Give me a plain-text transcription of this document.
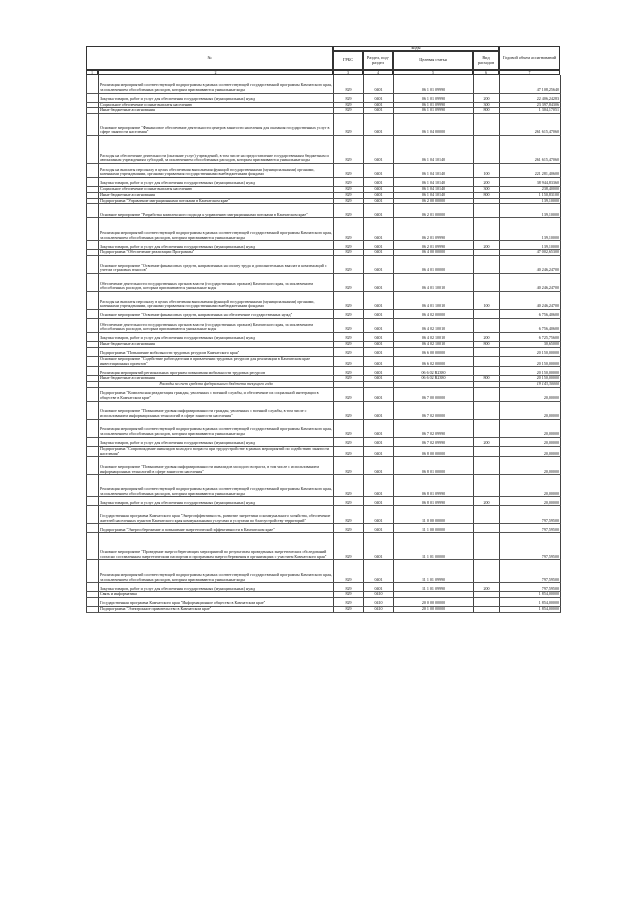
№
коды
ГРБС	Раздел, под-раздел	Целевая статья	Вид расходов
Годовой объем ассигнований
1	2	3	4	5	6	7
	Реализация мероприятий соответствующей подпрограммы в рамках соответствующей государственной программы Камчатского края, за исключением обособленных расходов, которым присваиваются уникальные коды	829	0401	06 1 01 09990		47 108,25640
	Закупка товаров, работ и услуг для обеспечения государственных (муниципальных) нужд	829	0401	06 1 01 09990	200	22 406,24283
	Социальное обеспечение и иные выплаты населению	829	0401	06 1 01 09990	300	23 397,84306
	Иные бюджетные ассигнования	829	0401	06 1 01 09990	800	1 304,17051
	Основное мероприятие "Финансовое обеспечение деятельности центров занятости населения для оказания государственных услуг в сфере занятости населения"	829	0401	06 1 04 00000		261 615,47060
	Расходы на обеспечение деятельности (оказание услуг) учреждений, в том числе на предоставление государственным бюджетным и автономным учреждениям субсидий, за исключением обособленных расходов, которым присваиваются уникальные коды	829	0401	06 1 04 10140		261 615,47060
	Расходы на выплаты персоналу в целях обеспечения выполнения функций государственными (муниципальными) органами, казенными учреждениями, органами управления государственными внебюджетными фондами	829	0401	06 1 04 10140	100	221 281,40600
	Закупка товаров, работ и услуг для обеспечения государственных (муниципальных) нужд	829	0401	06 1 04 10140	200	38 944,83360
	Социальное обеспечение и иные выплаты населению	829	0401	06 1 04 10140	300	238,40000
	Иные бюджетные ассигнования	829	0401	06 1 04 10140	800	1 150,83100
	Подпрограмма "Управление миграционными потоками в Камчатском крае"	829	0401	06 2 00 00000		139,10000
	Основное мероприятие "Разработка комплексного подхода к управлению миграционными потоками в Камчатском крае"	829	0401	06 2 01 00000		139,10000
	Реализация мероприятий соответствующей подпрограммы в рамках соответствующей государственной программы Камчатского края, за исключением обособленных расходов, которым присваиваются уникальные коды	829	0401	06 2 01 09990		139,10000
	Закупка товаров, работ и услуг для обеспечения государственных (муниципальных) нужд	829	0401	06 2 01 09990	200	139,10000
	Подпрограмма "Обеспечение реализации Программы"	829	0401	06 4 00 00000		47 002,65300
	Основное мероприятие "Освоение финансовых средств, направленных на оплату труда и дополнительных выплат и компенсаций с учетом страховых взносов"	829	0401	06 4 01 00000		40 246,24700
	Обеспечение деятельности государственных органов власти (государственных органов) Камчатского края, за исключением обособленных расходов, которым присваиваются уникальные коды	829	0401	06 4 01 10010		40 246,24700
	Расходы на выплаты персоналу в целях обеспечения выполнения функций государственными (муниципальными) органами, казенными учреждениями, органами управления государственными внебюджетными фондами	829	0401	06 4 01 10010	100	40 246,24700
	Основное мероприятие "Освоение финансовых средств, направленных на обеспечение государственных нужд"	829	0401	06 4 02 00000		6 756,40600
	Обеспечение деятельности государственных органов власти (государственных органов) Камчатского края, за исключением обособленных расходов, которым присваиваются уникальные коды	829	0401	06 4 02 10010		6 756,40600
	Закупка товаров, работ и услуг для обеспечения государственных (муниципальных) нужд	829	0401	06 4 02 10010	200	6 725,75600
	Иные бюджетные ассигнования	829	0401	06 4 02 10010	800	30,65000
	Подпрограмма "Повышение мобильности трудовых ресурсов Камчатского края"	829	0401	06 6 00 00000		20 150,00000
	Основное мероприятие "Содействие работодателям в привлечении трудовых ресурсов для реализации в Камчатском крае инвестиционных проектов"	829	0401	06 6 02 00000		20 150,00000
	Реализация мероприятий региональных программ повышения мобильности трудовых ресурсов	829	0401	06 6 02 R2380		20 150,00000
	Иные бюджетные ассигнования	829	0401	06 6 02 R2380	800	20 150,00000
	Расходы за счет средств федерального бюджета текущего года					19 143,30000
	Подпрограмма "Комплексная реадаптация граждан, уволенных с военной службы, и обеспечение их социальной интеграции в обществе в Камчатском крае"	829	0401	06 7 00 00000		20,00000
	Основное мероприятие "Повышение уровня информированности граждан, уволенных с военной службы, в том числе с использованием информационных технологий в сфере занятости населения"	829	0401	06 7 02 00000		20,00000
	Реализация мероприятий соответствующей подпрограммы в рамках соответствующей государственной программы Камчатского края, за исключением обособленных расходов, которым присваиваются уникальные коды	829	0401	06 7 02 09990		20,00000
	Закупка товаров, работ и услуг для обеспечения государственных (муниципальных) нужд	829	0401	06 7 02 09990	200	20,00000
	Подпрограмма "Сопровождение инвалидов молодого возраста при трудоустройстве в рамках мероприятий по содействию занятости населения"	829	0401	06 8 00 00000		20,00000
	Основное мероприятие "Повышение уровня информированности инвалидов молодого возраста, в том числе с использованием информационных технологий в сфере занятости населения"	829	0401	06 8 01 00000		20,00000
	Реализация мероприятий соответствующей подпрограммы в рамках соответствующей государственной программы Камчатского края, за исключением обособленных расходов, которым присваиваются уникальные коды	829	0401	06 8 01 09990		20,00000
	Закупка товаров, работ и услуг для обеспечения государственных (муниципальных) нужд	829	0401	06 8 01 09990	200	20,00000
	Государственная программа Камчатского края "Энергоэффективность, развитие энергетики и коммунального хозяйства, обеспечение жителей населенных пунктов Камчатского края коммунальными услугами и услугами по благоустройству территорий"	829	0401	11 0 00 00000		797,59500
	Подпрограмма "Энергосбережение и повышение энергетической эффективности в Камчатском крае"	829	0401	11 1 00 00000		797,59500
	Основное мероприятие "Проведение энергосберегающих мероприятий по результатам проведенных энергетических обследований согласно составленным энергетическим паспортам и программам энергосбережения в организациях с участием Камчатского края"	829	0401	11 1 01 00000		797,59500
	Реализация мероприятий соответствующей подпрограммы в рамках соответствующей государственной программы Камчатского края, за исключением обособленных расходов, которым присваиваются уникальные коды	829	0401	11 1 01 09990		797,59500
	Закупка товаров, работ и услуг для обеспечения государственных (муниципальных) нужд	829	0401	11 1 01 09990	200	797,59500
	Связь и информатика	829	0410			1 854,00000
	Государственная программа Камчатского края "Информационное общество в Камчатском крае"	829	0410	20 0 00 00000		1 854,00000
	Подпрограмма "Электронное правительство в Камчатском крае"	829	0410	20 1 00 00000		1 854,00000
